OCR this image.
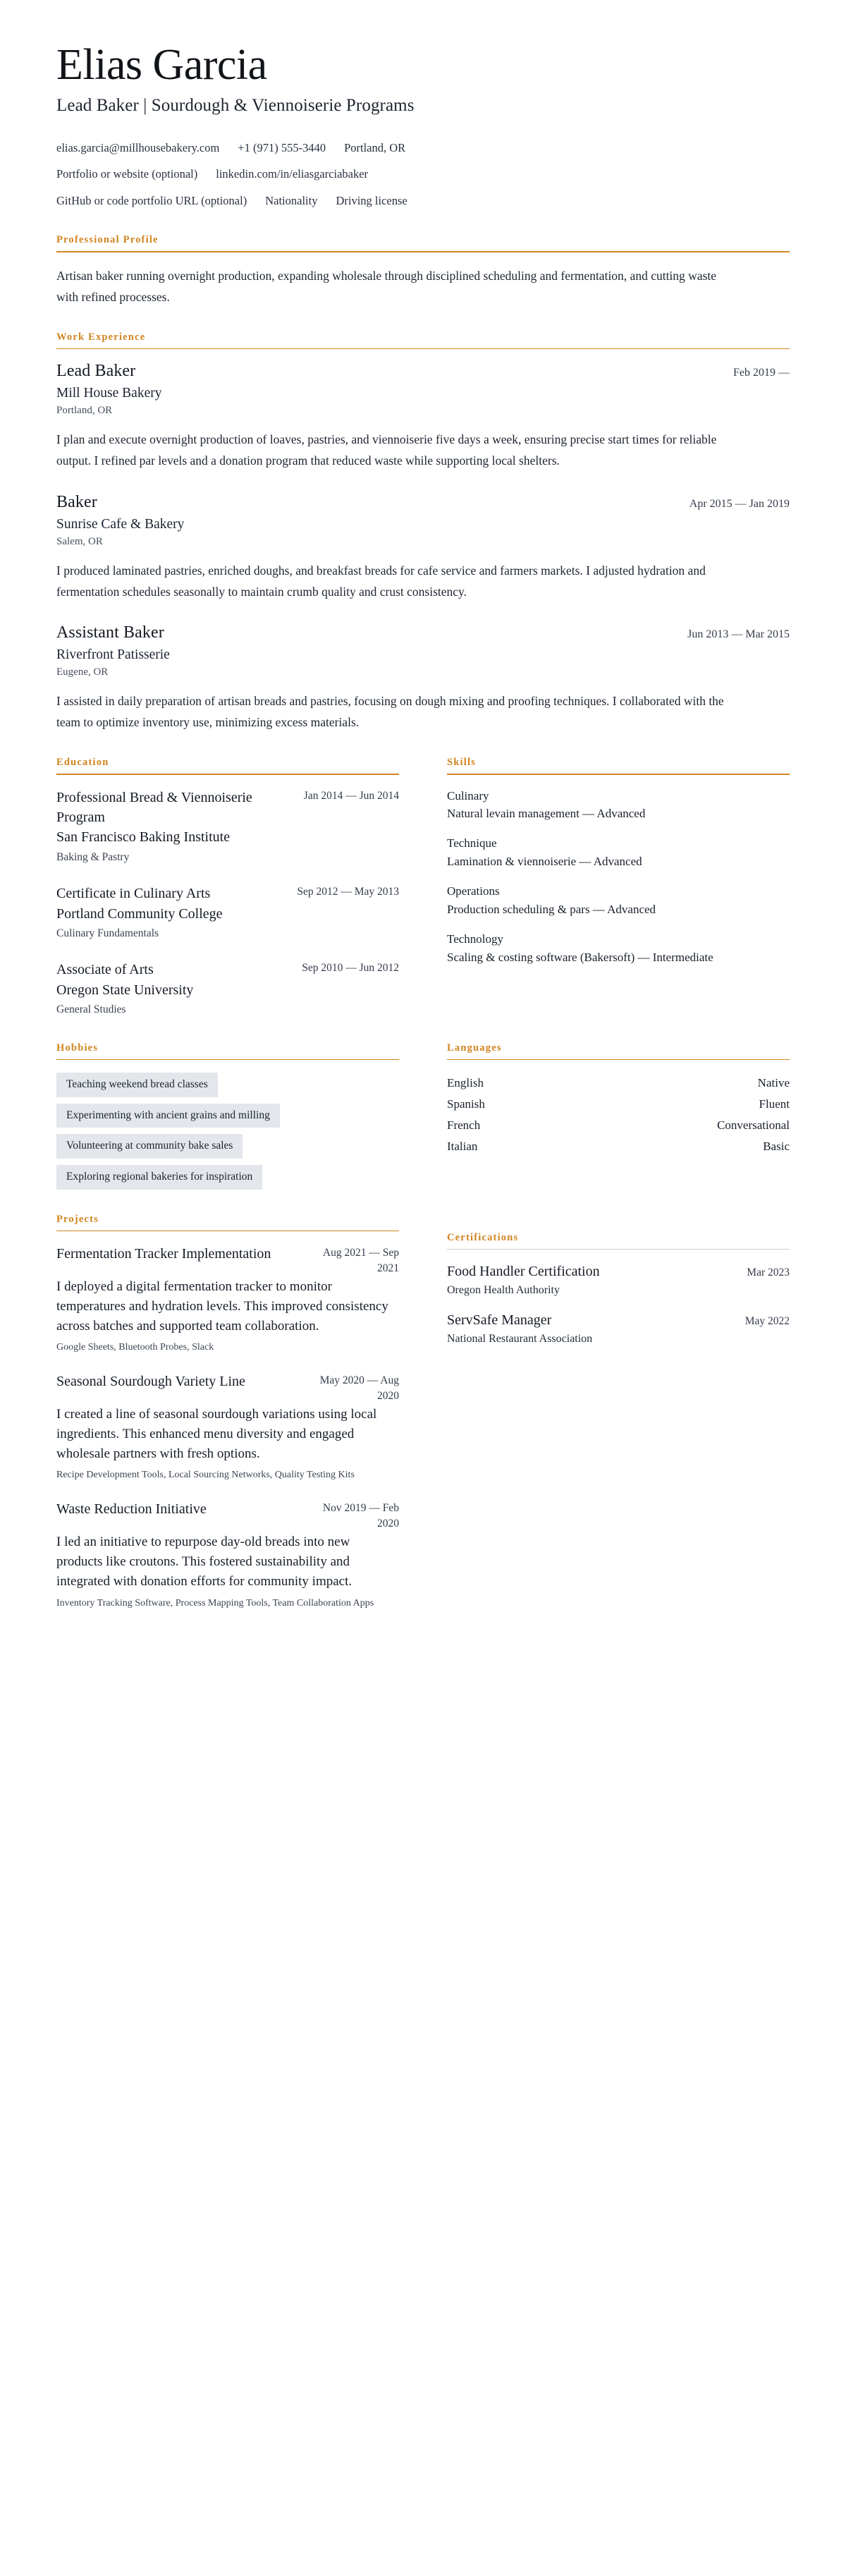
Elias Garcia
Lead Baker | Sourdough & Viennoiserie Programs
elias.garcia@millhousebakery.com +1 (971) 555-3440 Portland, OR
Portfolio or website (optional) linkedin.com/in/eliasgarciabaker
GitHub or code portfolio URL (optional) Nationality Driving license
Professional Profile

Artisan baker running overnight production, expanding wholesale through disciplined scheduling and fermentation, and cutting waste with refined processes.

Work Experience
Lead Baker	Feb 2019 —
Mill House Bakery
Portland, OR

I plan and execute overnight production of loaves, pastries, and viennoiserie five days a week, ensuring precise start times for reliable output. I refined par levels and a donation program that reduced waste while supporting local shelters.

Baker	Apr 2015 — Jan 2019
Sunrise Cafe & Bakery
Salem, OR

I produced laminated pastries, enriched doughs, and breakfast breads for cafe service and farmers markets. I adjusted hydration and fermentation schedules seasonally to maintain crumb quality and crust consistency.

Assistant Baker	Jun 2013 — Mar 2015
Riverfront Patisserie
Eugene, OR

I assisted in daily preparation of artisan breads and pastries, focusing on dough mixing and proofing techniques. I collaborated with the team to optimize inventory use, minimizing excess materials.

Education
Professional Bread & Viennoiserie Program
Jan 2014 — Jun 2014
San Francisco Baking Institute
Baking & Pastry
Certificate in Culinary Arts	Sep 2012 — May 2013
Portland Community College
Culinary Fundamentals
Associate of Arts	Sep 2010 — Jun 2012
Oregon State University
General Studies
Skills
Culinary
Natural levain management — Advanced
Technique
Lamination & viennoiserie — Advanced
Operations
Production scheduling & pars — Advanced
Technology
Scaling & costing software (Bakersoft) — Intermediate
Hobbies
Teaching weekend bread classes
Experimenting with ancient grains and milling
Volunteering at community bake sales
Exploring regional bakeries for inspiration
Languages
English	Native
Spanish	Fluent
French	Conversational
Italian	Basic
Projects
Fermentation Tracker Implementation	Aug 2021 — Sep 2021
I deployed a digital fermentation tracker to monitor temperatures and hydration levels. This improved consistency across batches and supported team collaboration.
Google Sheets, Bluetooth Probes, Slack
Seasonal Sourdough Variety Line	May 2020 — Aug 2020
I created a line of seasonal sourdough variations using local ingredients. This enhanced menu diversity and engaged wholesale partners with fresh options.
Recipe Development Tools, Local Sourcing Networks, Quality Testing Kits
Waste Reduction Initiative	Nov 2019 — Feb 2020
I led an initiative to repurpose day-old breads into new products like croutons. This fostered sustainability and integrated with donation efforts for community impact.
Inventory Tracking Software, Process Mapping Tools, Team Collaboration Apps
Certifications
Food Handler Certification	Mar 2023
Oregon Health Authority
ServSafe Manager	May 2022
National Restaurant Association
